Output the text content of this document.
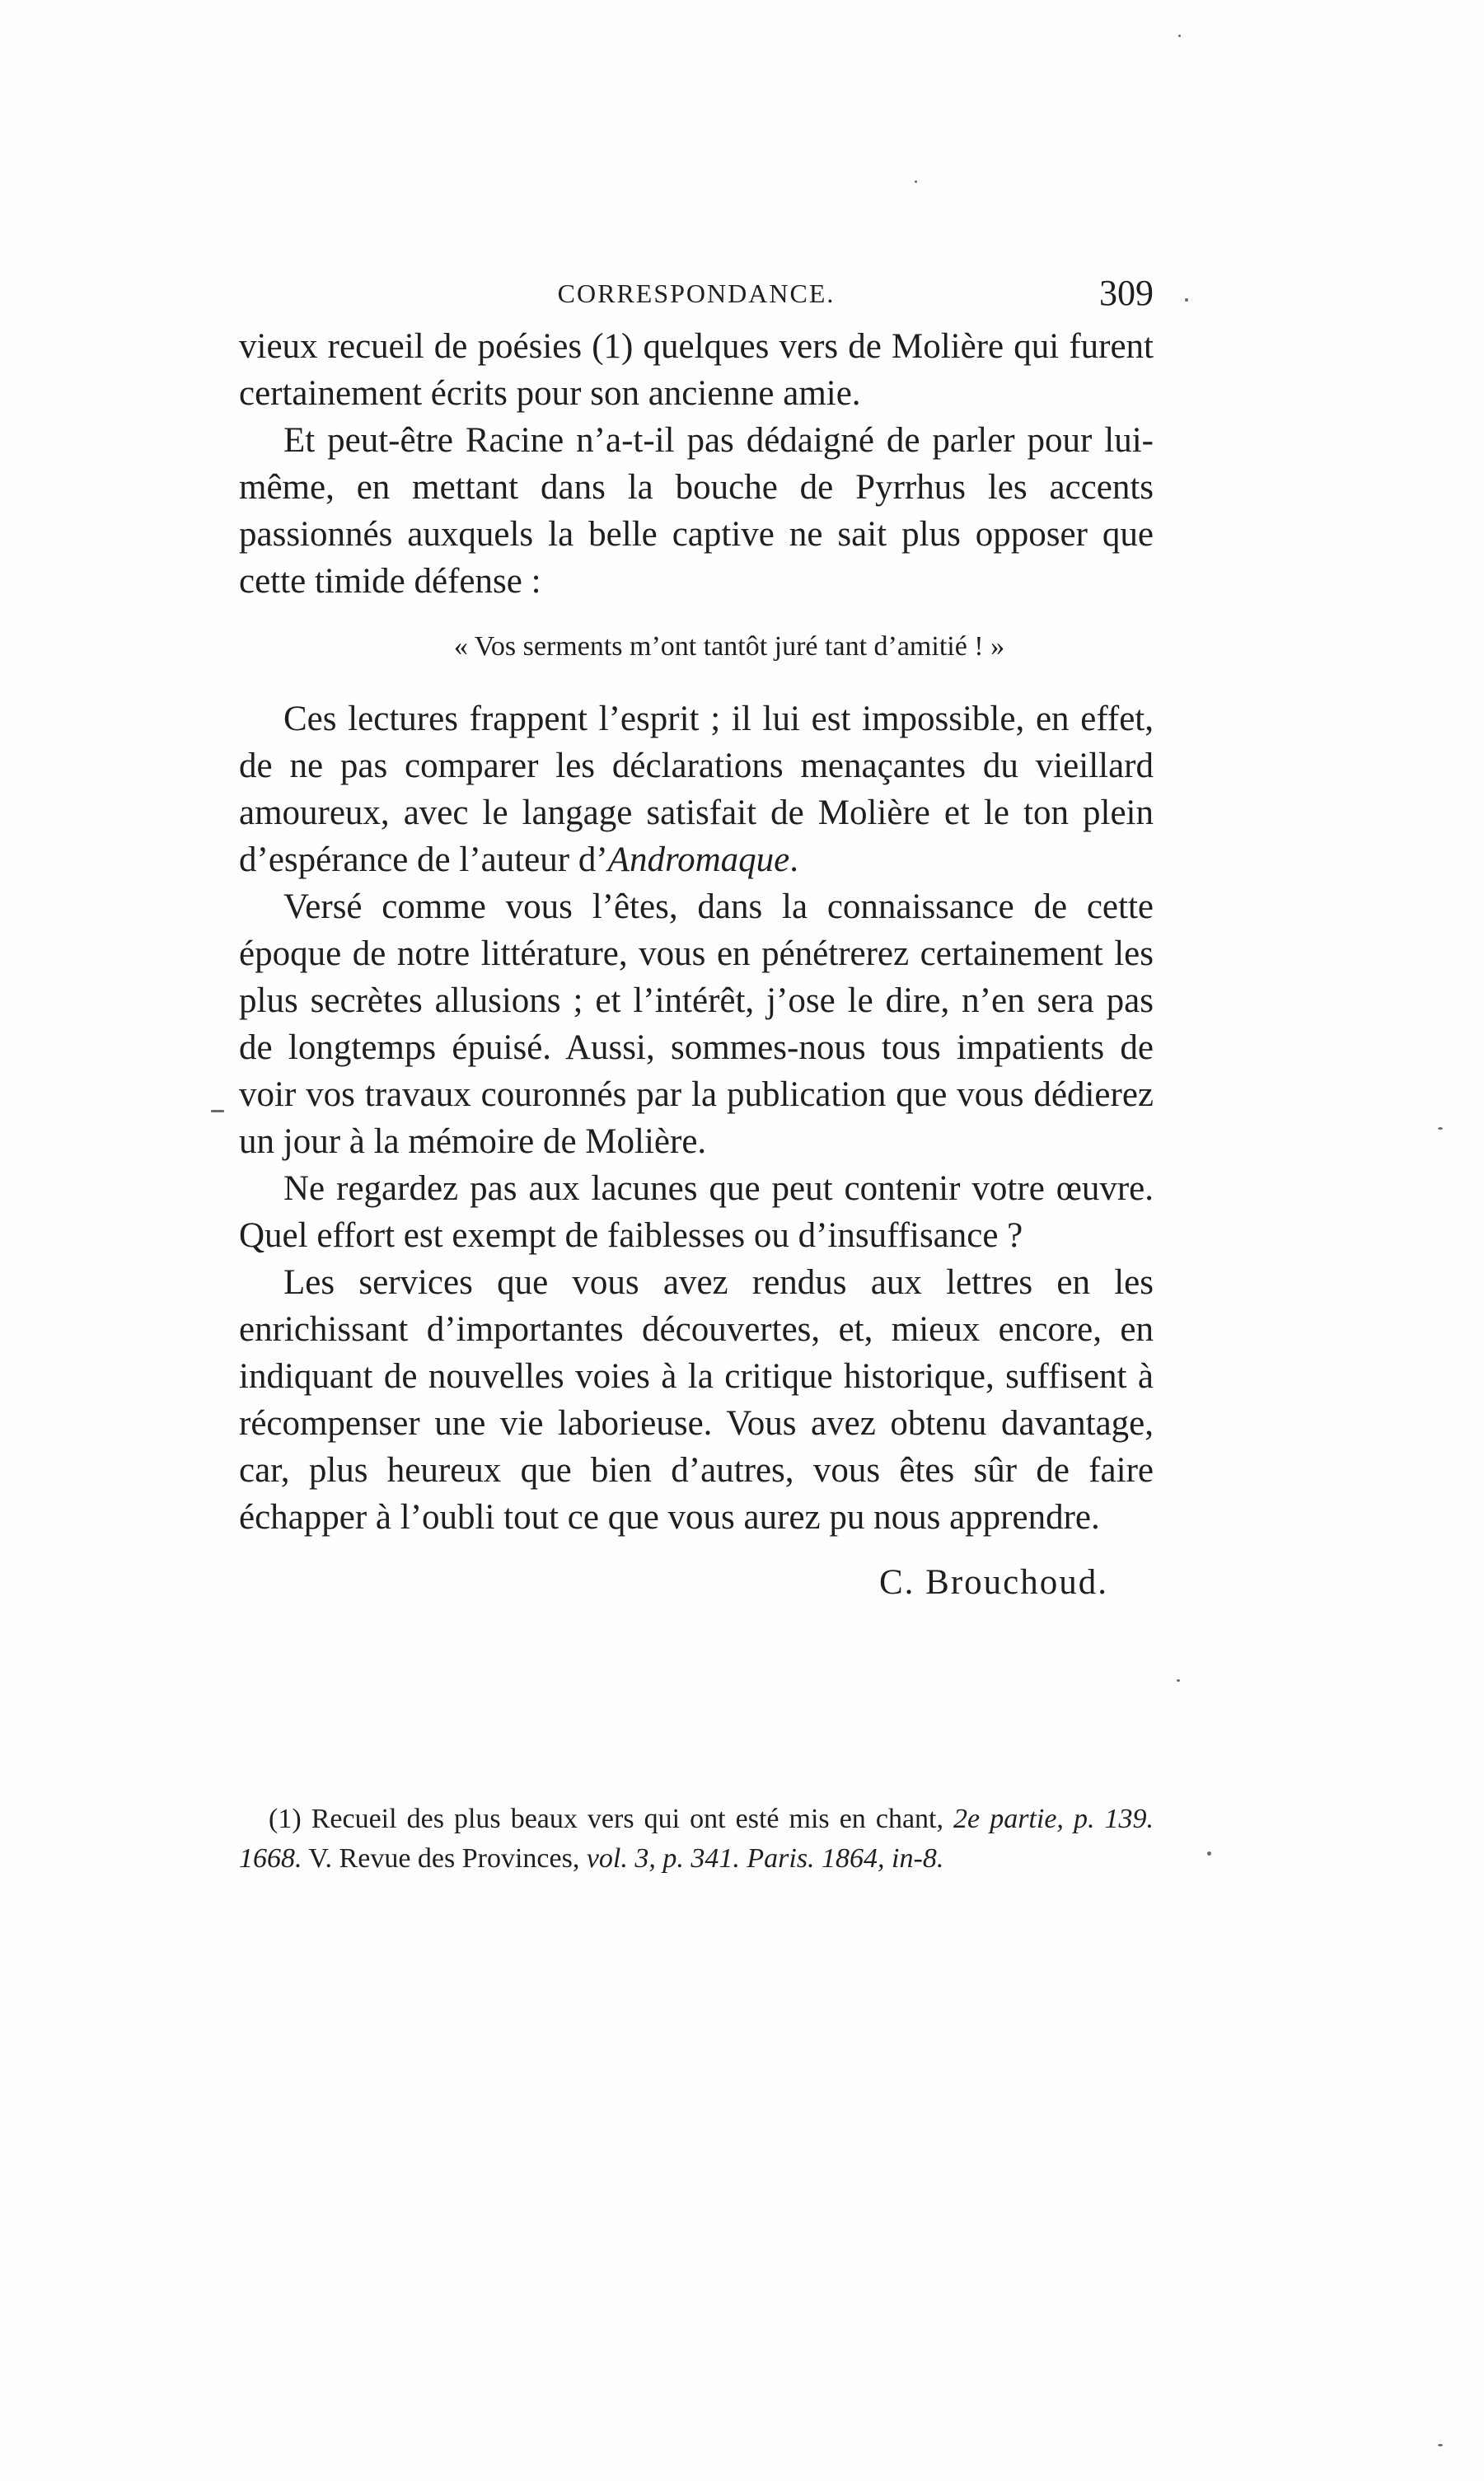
CORRESPONDANCE.	309

vieux recueil de poésies (1) quelques vers de Molière qui furent certainement écrits pour son ancienne amie.

Et peut-être Racine n’a-t-il pas dédaigné de parler pour lui-même, en mettant dans la bouche de Pyrrhus les accents passionnés auxquels la belle captive ne sait plus opposer que cette timide défense :

« Vos serments m’ont tantôt juré tant d’amitié ! »

Ces lectures frappent l’esprit ; il lui est impossible, en effet, de ne pas comparer les déclarations menaçantes du vieillard amoureux, avec le langage satisfait de Molière et le ton plein d’espérance de l’auteur d’Andromaque.

Versé comme vous l’êtes, dans la connaissance de cette époque de notre littérature, vous en pénétrerez certainement les plus secrètes allusions ; et l’intérêt, j’ose le dire, n’en sera pas de longtemps épuisé. Aussi, sommes-nous tous impatients de voir vos travaux couronnés par la publication que vous dédierez un jour à la mémoire de Molière.

Ne regardez pas aux lacunes que peut contenir votre œuvre. Quel effort est exempt de faiblesses ou d’insuffisance ?

Les services que vous avez rendus aux lettres en les enrichissant d’importantes découvertes, et, mieux encore, en indiquant de nouvelles voies à la critique historique, suffisent à récompenser une vie laborieuse. Vous avez obtenu davantage, car, plus heureux que bien d’autres, vous êtes sûr de faire échapper à l’oubli tout ce que vous aurez pu nous apprendre.

C. Brouchoud.

(1) Recueil des plus beaux vers qui ont esté mis en chant, 2e partie, p. 139. 1668. V. Revue des Provinces, vol. 3, p. 341. Paris. 1864, in-8.
